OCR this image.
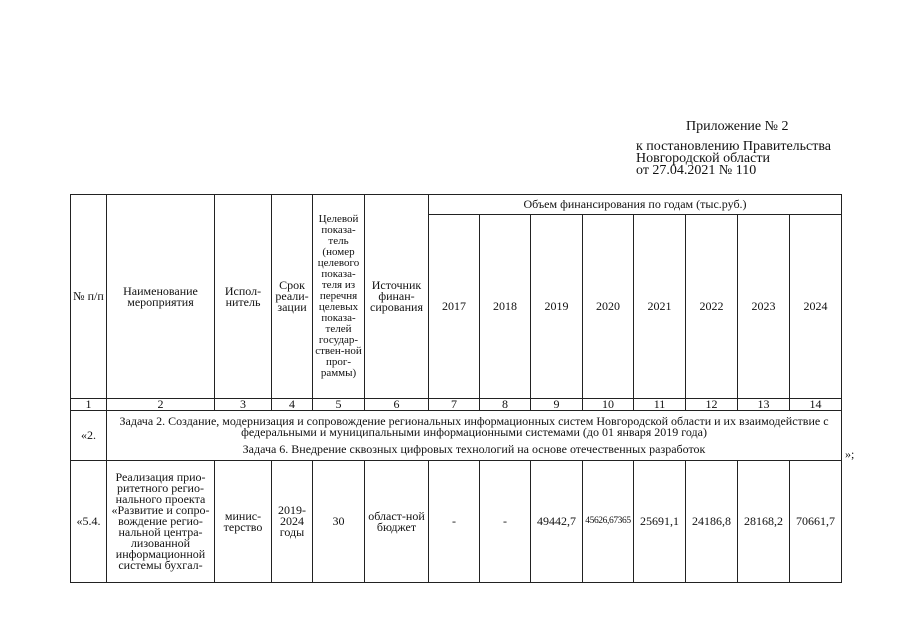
Приложение № 2
к постановлению Правительства
Новгородской области
от 27.04.2021 № 110
№ п/п	Наименование мероприятия	Испол-нитель	Срок реали-зации	Целевой показа-тель (номер целевого показа-теля из перечня целевых показа-телей государ-ствен-ной прог-раммы)	Источник финан-сирования	Объем финансирования по годам (тыс.руб.)							
						2017	2018	2019	2020	2021	2022	2023	2024
1	2	3	4	5	6	7	8	9	10	11	12	13	14
«2.	Задача 2. Создание, модернизация и сопровождение региональных информационных систем Новгородской области и их взаимодействие с федеральными и муниципальными информационными системами (до 01 января 2019 года)

Задача 6. Внедрение сквозных цифровых технологий на основе отечественных разработок												

«5.4.	Реализация прио-ритетного регио-нального проекта «Развитие и сопро-вождение регио-нальной центра-лизованной информационной системы бухгал-	минис-терство	2019-2024 годы	30	област-ной бюджет	-	-	49442,7	45626,67365	25691,1	24186,8	28168,2	70661,7
»;
